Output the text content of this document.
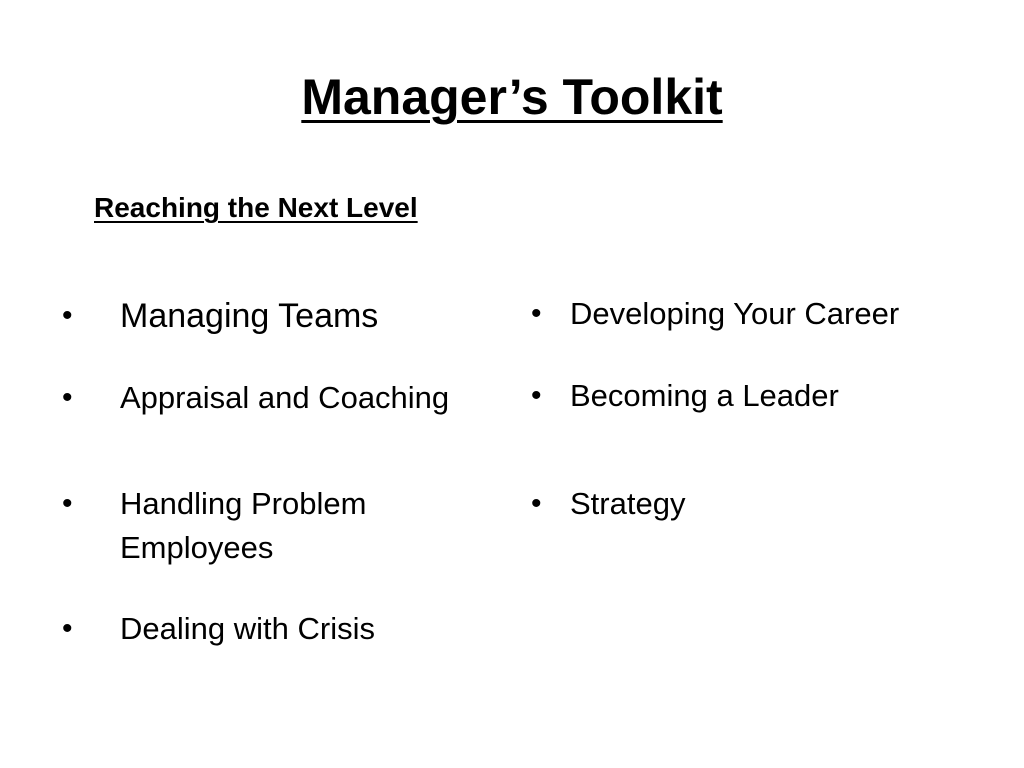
Manager’s Toolkit
Reaching the Next Level
• Managing Teams
• Appraisal and Coaching
• Handling Problem Employees
• Dealing with Crisis
• Developing Your Career
• Becoming a Leader
• Strategy
